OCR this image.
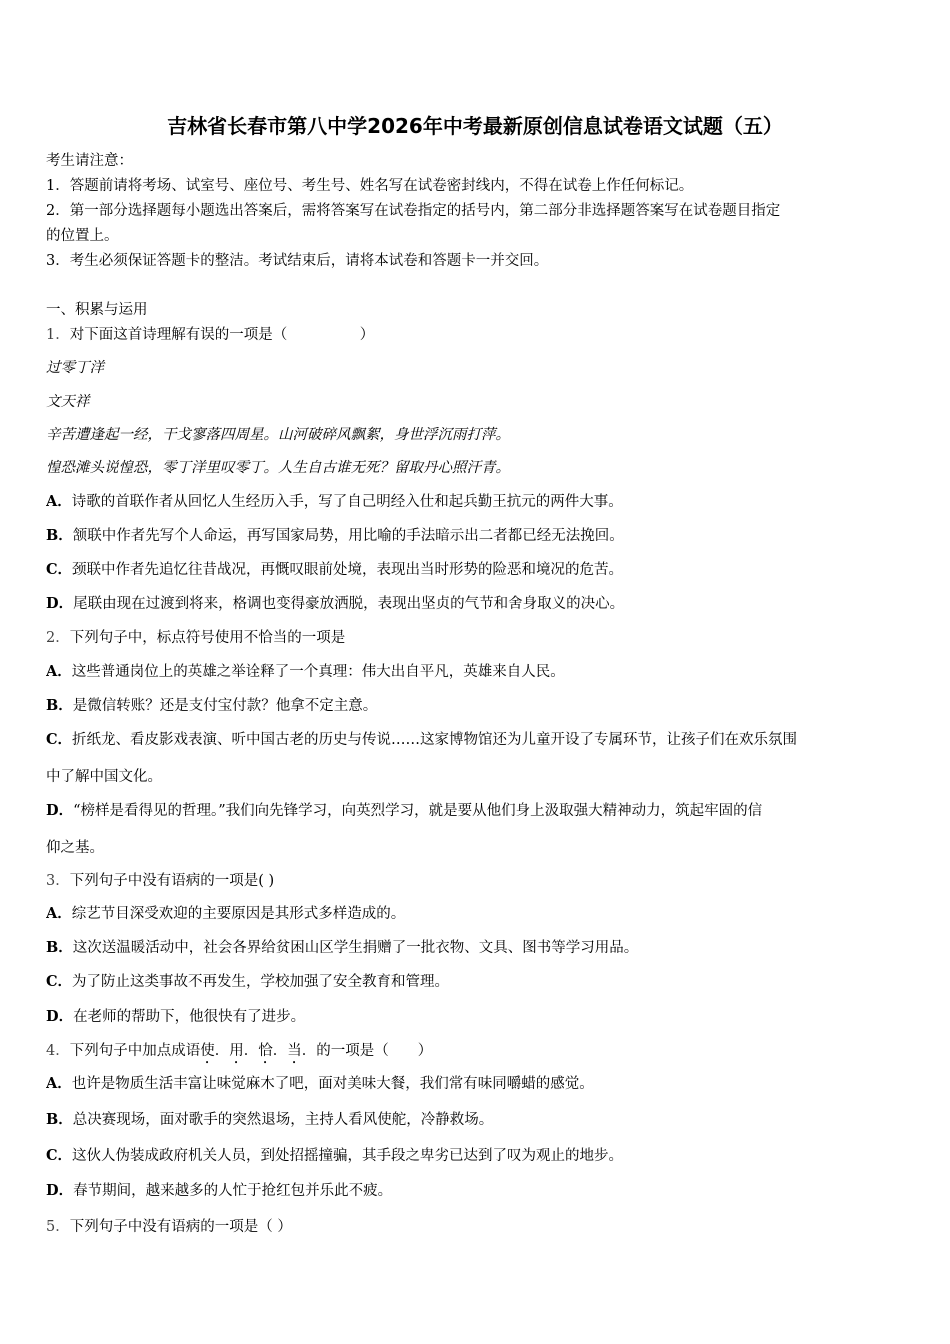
吉林省长春市第八中学2026年中考最新原创信息试卷语文试题（五）
考生请注意：
1．答题前请将考场、试室号、座位号、考生号、姓名写在试卷密封线内，不得在试卷上作任何标记。
2．第一部分选择题每小题选出答案后，需将答案写在试卷指定的括号内，第二部分非选择题答案写在试卷题目指定
的位置上。
3．考生必须保证答题卡的整洁。考试结束后，请将本试卷和答题卡一并交回。
一、积累与运用
1．对下面这首诗理解有误的一项是（　　　　　）
过零丁洋
文天祥
辛苦遭逢起一经，干戈寥落四周星。山河破碎风飘絮，身世浮沉雨打萍。
惶恐滩头说惶恐，零丁洋里叹零丁。人生自古谁无死？留取丹心照汗青。
A．诗歌的首联作者从回忆人生经历入手，写了自己明经入仕和起兵勤王抗元的两件大事。
B．颔联中作者先写个人命运，再写国家局势，用比喻的手法暗示出二者都已经无法挽回。
C．颈联中作者先追忆往昔战况，再慨叹眼前处境，表现出当时形势的险恶和境况的危苦。
D．尾联由现在过渡到将来，格调也变得豪放洒脱，表现出坚贞的气节和舍身取义的决心。
2．下列句子中，标点符号使用不恰当的一项是
A．这些普通岗位上的英雄之举诠释了一个真理：伟大出自平凡，英雄来自人民。
B．是微信转账？还是支付宝付款？他拿不定主意。
C．折纸龙、看皮影戏表演、听中国古老的历史与传说……这家博物馆还为儿童开设了专属环节，让孩子们在欢乐氛围
中了解中国文化。
D．“榜样是看得见的哲理。”我们向先锋学习，向英烈学习，就是要从他们身上汲取强大精神动力，筑起牢固的信
仰之基。
3．下列句子中没有语病的一项是( )
A．综艺节目深受欢迎的主要原因是其形式多样造成的。
B．这次送温暖活动中，社会各界给贫困山区学生捐赠了一批衣物、文具、图书等学习用品。
C．为了防止这类事故不再发生，学校加强了安全教育和管理。
D．在老师的帮助下，他很快有了进步。
4．下列句子中加点成语使．用．恰．当．的一项是（　　）
A．也许是物质生活丰富让味觉麻木了吧，面对美味大餐，我们常有味同嚼蜡的感觉。
B．总决赛现场，面对歌手的突然退场，主持人看风使舵，冷静救场。
C．这伙人伪装成政府机关人员，到处招摇撞骗，其手段之卑劣已达到了叹为观止的地步。
D．春节期间，越来越多的人忙于抢红包并乐此不疲。
5．下列句子中没有语病的一项是（ ）
